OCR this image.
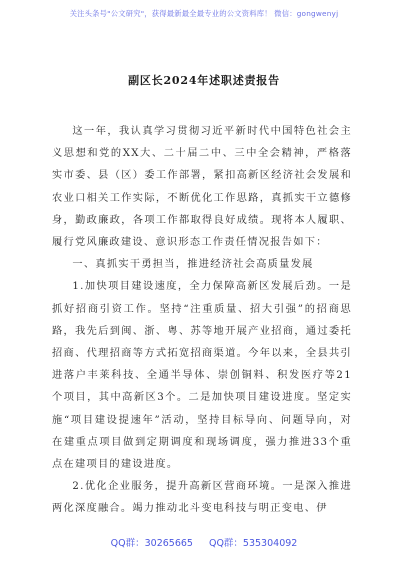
关注头条号"公文研究"，获得最新最全最专业的公文资料库！ 微信：gongwenyj
副区长2024年述职述责报告

这一年，我认真学习贯彻习近平新时代中国特色社会主义思想和党的XX大、二十届二中、三中全会精神，严格落实市委、县（区）委工作部署，紧扣高新区经济社会发展和农业口相关工作实际，不断优化工作思路，真抓实干立德修身，勤政廉政，各项工作都取得良好成绩。现将本人履职、履行党风廉政建设、意识形态工作责任情况报告如下：

一、真抓实干勇担当，推进经济社会高质量发展

1.加快项目建设速度，全力保障高新区发展后劲。一是抓好招商引资工作。坚持“注重质量、招大引强”的招商思路，我先后到闽、浙、粤、苏等地开展产业招商，通过委托招商、代理招商等方式拓宽招商渠道。今年以来，全县共引进落户丰莱科技、全通半导体、崇创铜料、积发医疗等21个项目，其中高新区3个。二是加快项目建设进度。坚定实施“项目建设提速年”活动，坚持目标导向、问题导向，对在建重点项目做到定期调度和现场调度，强力推进33个重点在建项目的建设进度。

2.优化企业服务，提升高新区营商环境。一是深入推进两化深度融合。竭力推动北斗变电科技与明正变电、伊

QQ群：30265665 QQ群：535304092
